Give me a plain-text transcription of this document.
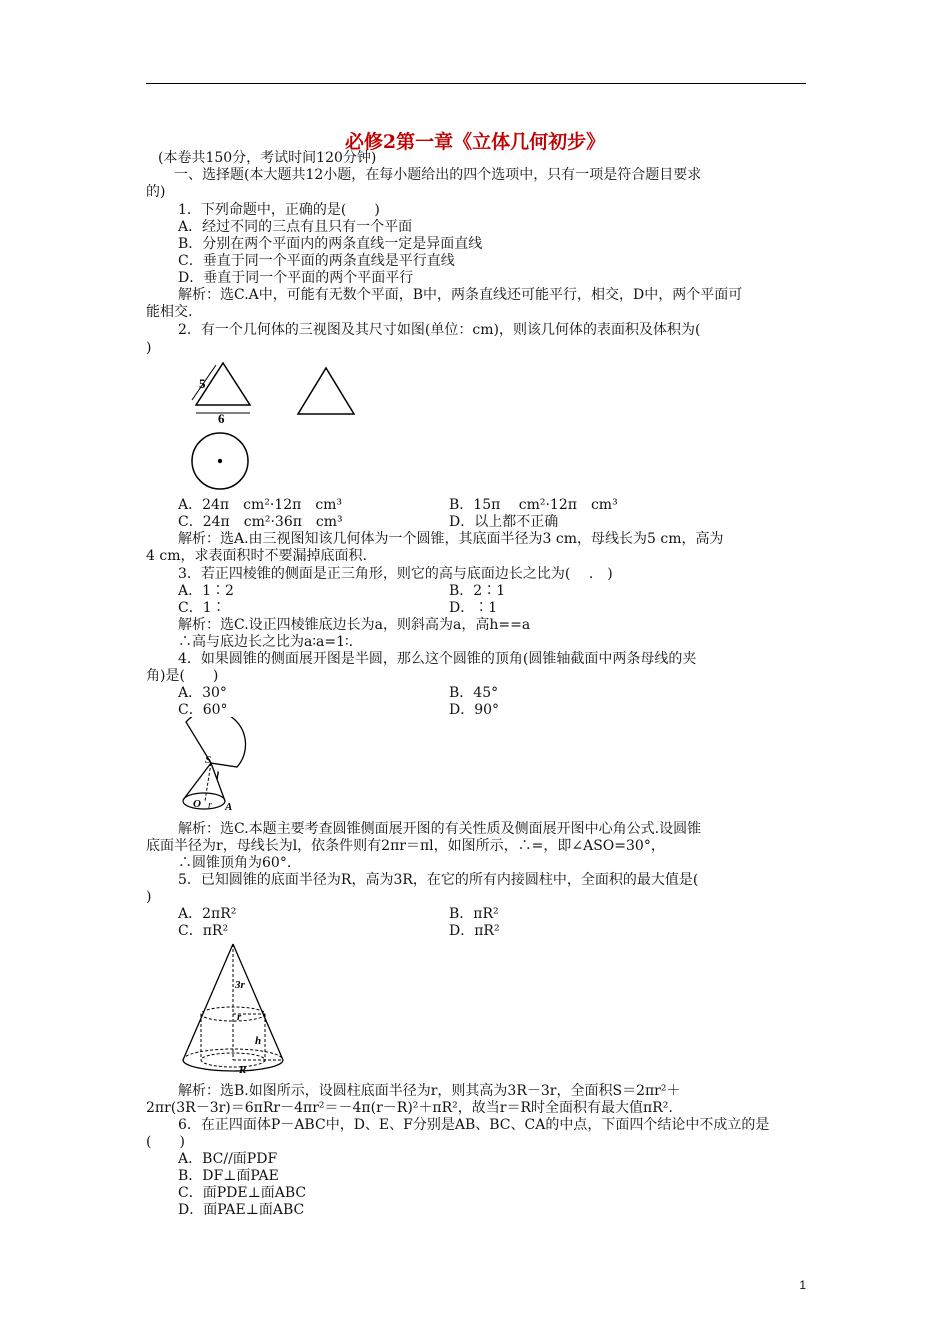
必修2第一章《立体几何初步》
(本卷共150分，考试时间120分钟)
一、选择题(本大题共12小题，在每小题给出的四个选项中，只有一项是符合题目要求
的)
1．下列命题中，正确的是(　　)
A．经过不同的三点有且只有一个平面
B．分别在两个平面内的两条直线一定是异面直线
C．垂直于同一个平面的两条直线是平行直线
D．垂直于同一个平面的两个平面平行
解析：选C.A中，可能有无数个平面，B中，两条直线还可能平行，相交，D中，两个平面可
能相交.
2．有一个几何体的三视图及其尺寸如图(单位：cm)，则该几何体的表面积及体积为(
)
5
6
A．24π　cm²·12π　cm³	B．15π　 cm²·12π　cm³
C．24π　cm²·36π　cm³	D．以上都不正确
解析：选A.由三视图知该几何体为一个圆锥，其底面半径为3 cm，母线长为5 cm，高为
4 cm，求表面积时不要漏掉底面积.
3．若正四棱锥的侧面是正三角形，则它的高与底面边长之比为(　 .　)
A．1∶2	B．2∶1
C．1∶	D．∶1
解析：选C.设正四棱锥底边长为a，则斜高为a，高h==a
∴高与底边长之比为a∶a=1∶.
4．如果圆锥的侧面展开图是半圆，那么这个圆锥的顶角(圆锥轴截面中两条母线的夹
角)是(　　)
A．30°	B．45°
C．60°	D．90°
S
l
O r A
解析：选C.本题主要考查圆锥侧面展开图的有关性质及侧面展开图中心角公式.设圆锥
底面半径为r，母线长为l，依条件则有2πr＝πl，如图所示，∴=，即∠ASO=30°，
∴圆锥顶角为60°.
5．已知圆锥的底面半径为R，高为3R，在它的所有内接圆柱中，全面积的最大值是(
)
A．2πR²	B．πR²
C．πR²	D．πR²
3r
r
h
R
解析：选B.如图所示，设圆柱底面半径为r，则其高为3R－3r，全面积S＝2πr²＋
2πr(3R－3r)＝6πRr－4πr²＝－4π(r－R)²＋πR²，故当r＝R时全面积有最大值πR².
6．在正四面体P－ABC中，D、E、F分别是AB、BC、CA的中点，下面四个结论中不成立的是
(　　)
A．BC//面PDF
B．DF⊥面PAE
C．面PDE⊥面ABC
D．面PAE⊥面ABC
1
